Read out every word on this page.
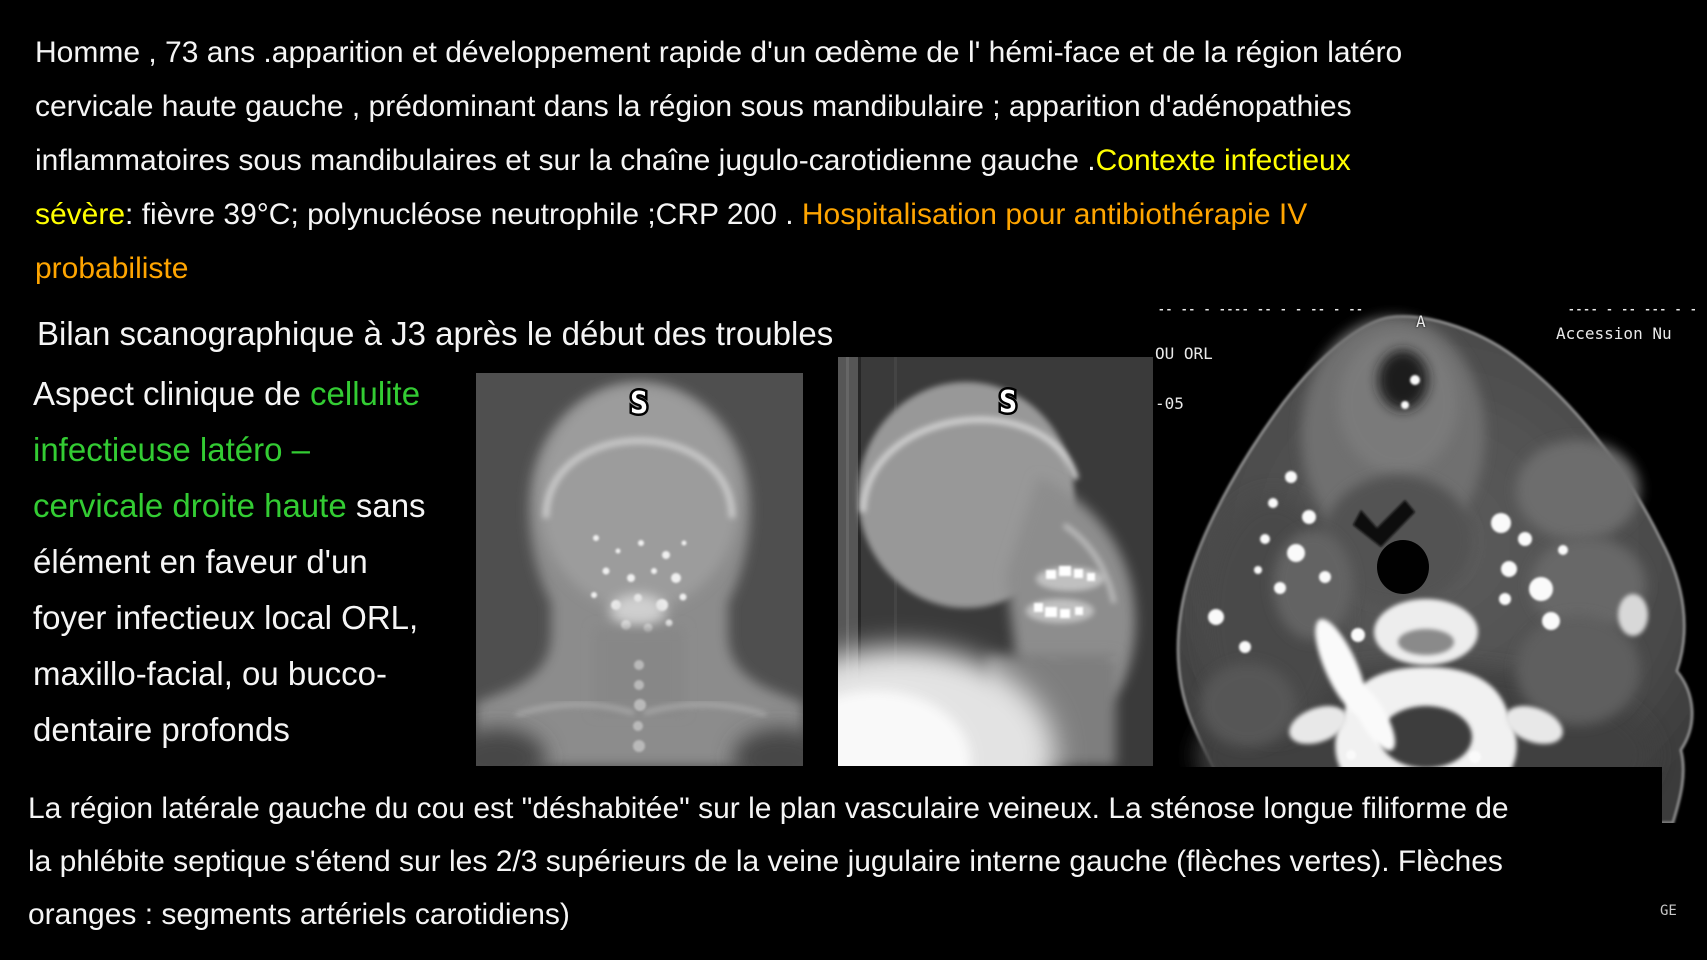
Homme , 73 ans .apparition et développement rapide d'un œdème de l' hémi-face et de la région latéro
cervicale haute gauche , prédominant dans la région sous mandibulaire ; apparition d'adénopathies
inflammatoires sous mandibulaires et sur la chaîne jugulo-carotidienne gauche .Contexte infectieux
sévère: fièvre 39°C; polynucléose neutrophile ;CRP 200 . Hospitalisation pour antibiothérapie IV
probabiliste
Bilan scanographique à J3 après le début des troubles
Aspect clinique de cellulite
infectieuse latéro –
cervicale droite haute sans
élément en faveur d'un
foyer infectieux local ORL,
maxillo-facial, ou bucco-
dentaire profonds
S	S
-- -- - ---- -- - - -- - --
OU ORL
-05
A
---- - -- --- - -
Accession Nu
La région latérale gauche du cou est "déshabitée" sur le plan vasculaire veineux. La sténose longue filiforme de
la phlébite septique s'étend sur les 2/3 supérieurs de la veine jugulaire interne gauche (flèches vertes). Flèches
oranges : segments artériels carotidiens)	GE
